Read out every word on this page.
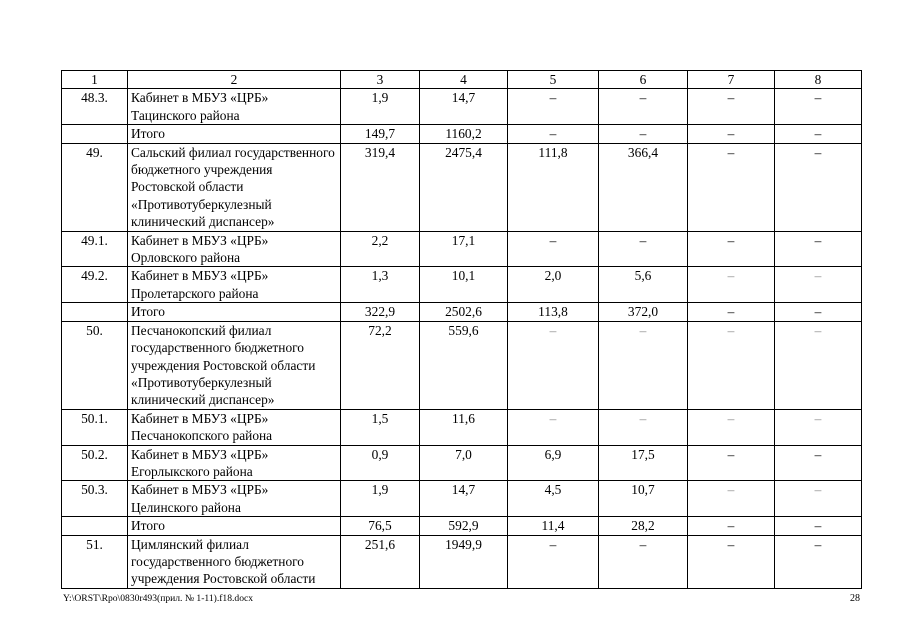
1	2	3	4	5	6	7	8
48.3.	Кабинет в МБУЗ «ЦРБ» Тацинского района	1,9	14,7	–	–	–	–
	Итого	149,7	1160,2	–	–	–	–
49.	Сальский филиал государственного бюджетного учреждения Ростовской области «Противотуберкулезный клинический диспансер»	319,4	2475,4	111,8	366,4	–	–
49.1.	Кабинет в МБУЗ «ЦРБ» Орловского района	2,2	17,1	–	–	–	–
49.2.	Кабинет в МБУЗ «ЦРБ» Пролетарского района	1,3	10,1	2,0	5,6	–	–
	Итого	322,9	2502,6	113,8	372,0	–	–
50.	Песчанокопский филиал государственного бюджетного учреждения Ростовской области «Противотуберкулезный клинический диспансер»	72,2	559,6	–	–	–	–
50.1.	Кабинет в МБУЗ «ЦРБ» Песчанокопского района	1,5	11,6	–	–	–	–
50.2.	Кабинет в МБУЗ «ЦРБ» Егорлыкского района	0,9	7,0	6,9	17,5	–	–
50.3.	Кабинет в МБУЗ «ЦРБ» Целинского района	1,9	14,7	4,5	10,7	–	–
	Итого	76,5	592,9	11,4	28,2	–	–
51.	Цимлянский филиал государственного бюджетного учреждения Ростовской области	251,6	1949,9	–	–	–	–
Y:\ORST\Rpo\0830r493(прил. № 1-11).f18.docx	28
